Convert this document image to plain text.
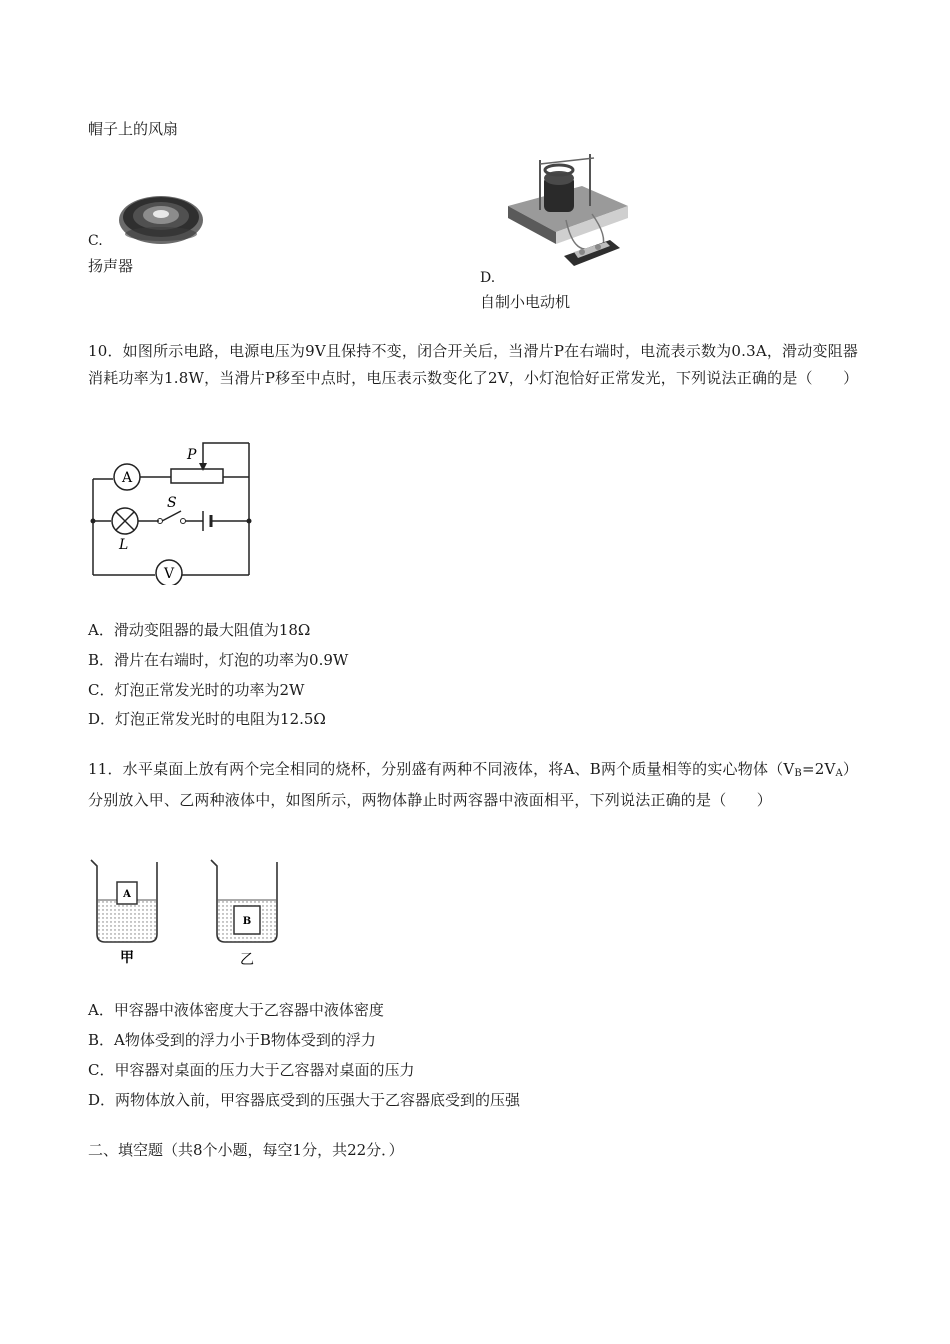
帽子上的风扇
C.
扬声器
D.
自制小电动机
10．如图所示电路，电源电压为9V且保持不变，闭合开关后，当滑片P在右端时，电流表示数为0.3A，滑动变阻器消耗功率为1.8W，当滑片P移至中点时，电压表示数变化了2V，小灯泡恰好正常发光，下列说法正确的是（　　）
A
P
S
L
V
A．滑动变阻器的最大阻值为18Ω
B．滑片在右端时，灯泡的功率为0.9W
C．灯泡正常发光时的功率为2W
D．灯泡正常发光时的电阻为12.5Ω
11．水平桌面上放有两个完全相同的烧杯，分别盛有两种不同液体，将A、B两个质量相等的实心物体$(V_B=2V_A)$分别放入甲、乙两种液体中，如图所示，两物体静止时两容器中液面相平，下列说法正确的是（　　）
A
甲
B
乙
A．甲容器中液体密度大于乙容器中液体密度
B．A物体受到的浮力小于B物体受到的浮力
C．甲容器对桌面的压力大于乙容器对桌面的压力
D．两物体放入前，甲容器底受到的压强大于乙容器底受到的压强
二、填空题（共8个小题，每空1分，共22分．）
